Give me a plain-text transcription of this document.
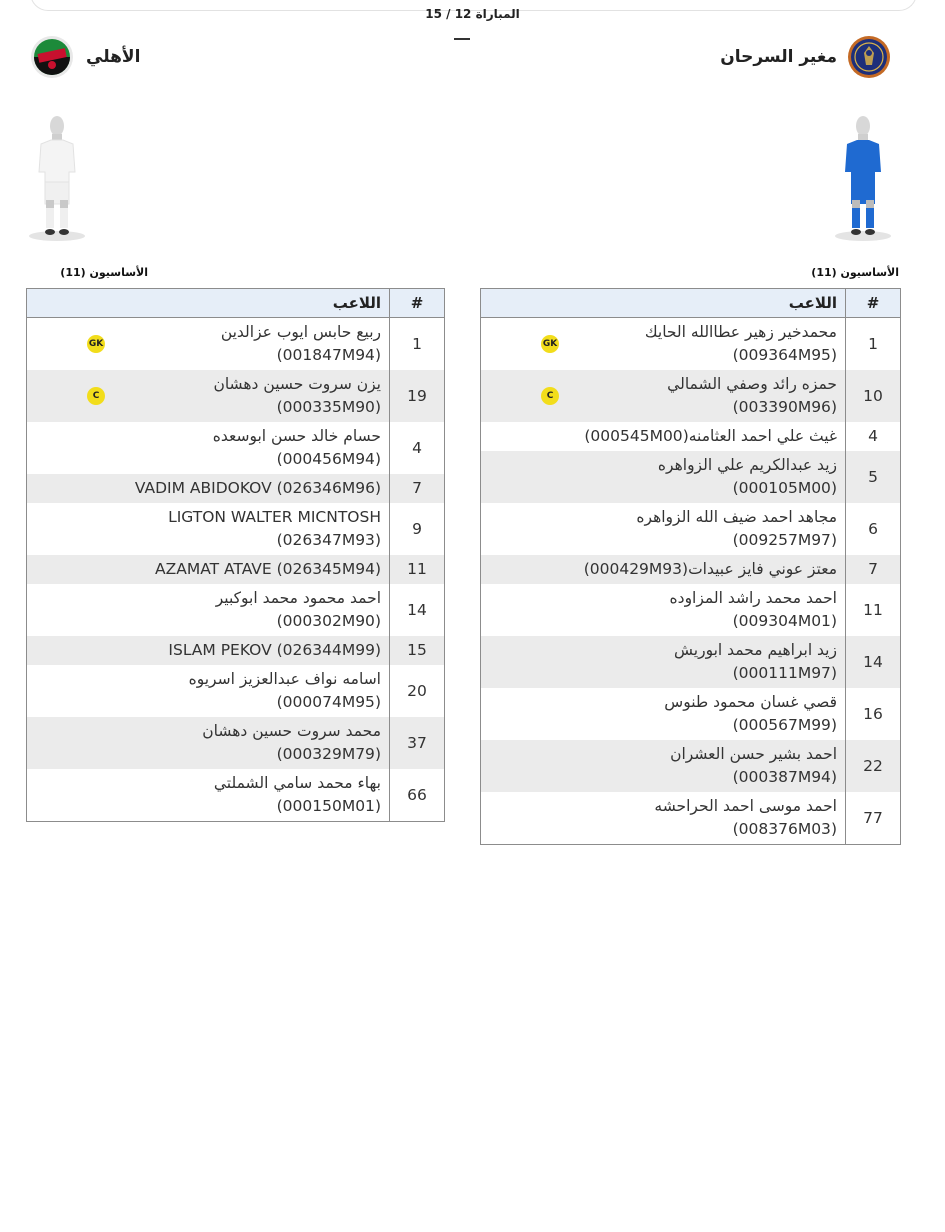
المباراة 12 / 15
مغير السرحان
الأهلي
الأساسيون (11)
الأساسيون (11)
#	اللاعب
1	محمدخير زهير عطاالله الحايك
(009364M95)
GK

10	حمزه رائد وصفي الشمالي
(003390M96)
C

4	غيث علي احمد العثامنه(000545M00)

5	زيد عبدالكريم علي الزواهره
(000105M00)

6	مجاهد احمد ضيف الله الزواهره
(009257M97)

7	معتز عوني فايز عبيدات(000429M93)

11	احمد محمد راشد المزاوده
(009304M01)

14	زيد ابراهيم محمد ابوريش
(000111M97)

16	قصي غسان محمود طنوس
(000567M99)

22	احمد بشير حسن العشران
(000387M94)

77	احمد موسى احمد الحراحشه
(008376M03)
#	اللاعب
1	ربيع حابس ايوب عزالدين
(001847M94)
GK

19	يزن سروت حسين دهشان
(000335M90)
C

4	حسام خالد حسن ابوسعده
(000456M94)

7	VADIM ABIDOKOV (026346M96)

9	LIGTON WALTER MICNTOSH
(026347M93)

11	AZAMAT ATAVE (026345M94)

14	احمد محمود محمد ابوكبير
(000302M90)

15	ISLAM PEKOV (026344M99)

20	اسامه نواف عبدالعزيز اسريوه
(000074M95)

37	محمد سروت حسين دهشان
(000329M79)

66	بهاء محمد سامي الشملتي
(000150M01)
